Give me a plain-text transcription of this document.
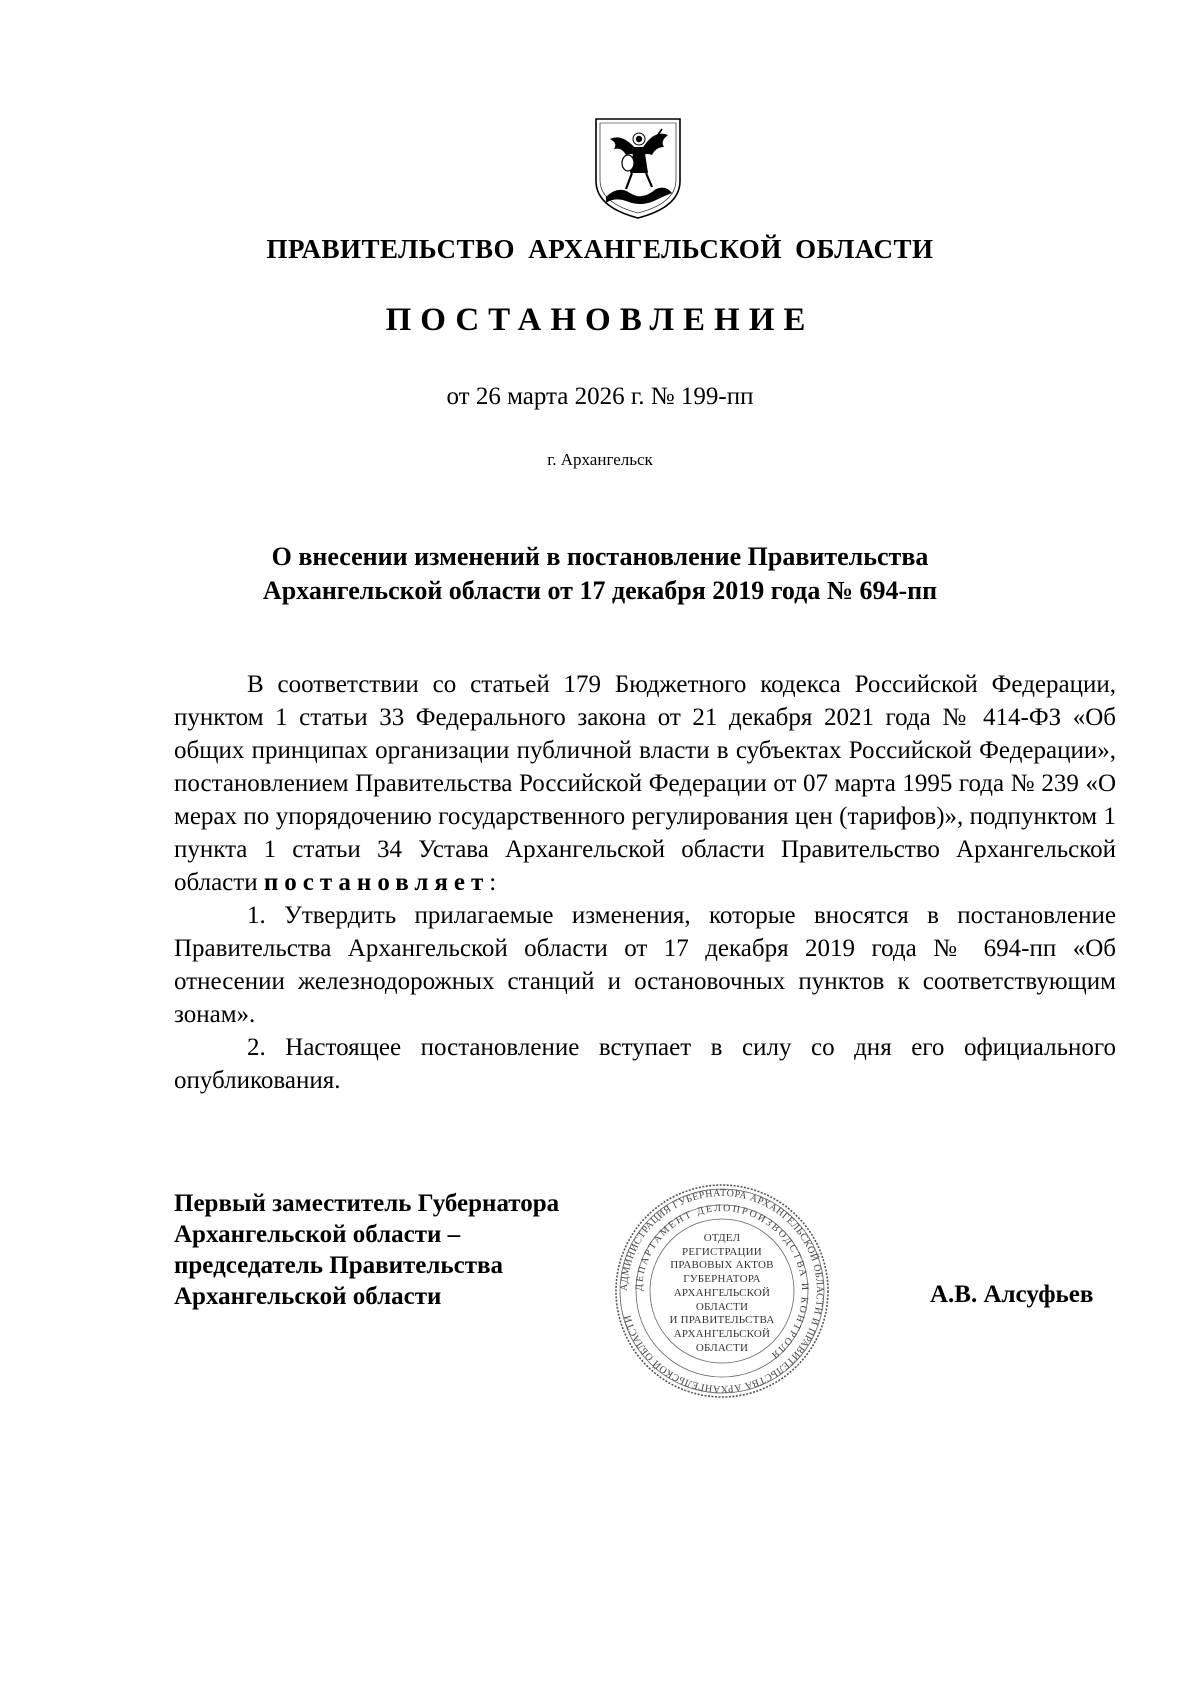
ПРАВИТЕЛЬСТВО АРХАНГЕЛЬСКОЙ ОБЛАСТИ
ПОСТАНОВЛЕНИЕ
от 26 марта 2026 г. № 199-пп
г. Архангельск
О внесении изменений в постановление Правительства
Архангельской области от 17 декабря 2019 года № 694-пп

В соответствии со статьей 179 Бюджетного кодекса Российской Федерации, пунктом 1 статьи 33 Федерального закона от 21 декабря 2021 года № 414-ФЗ «Об общих принципах организации публичной власти в субъектах Российской Федерации», постановлением Правительства Российской Федерации от 07 марта 1995 года № 239 «О мерах по упорядочению государственного регулирования цен (тарифов)», подпунктом 1 пункта 1 статьи 34 Устава Архангельской области Правительство Архангельской области постановляет:

1. Утвердить прилагаемые изменения, которые вносятся в постановление Правительства Архангельской области от 17 декабря 2019 года № 694-пп «Об отнесении железнодорожных станций и остановочных пунктов к соответствующим зонам».

2. Настоящее постановление вступает в силу со дня его официального опубликования.

Первый заместитель Губернатора
Архангельской области –
председатель Правительства
Архангельской области	АДМИНИСТРАЦИЯ ГУБЕРНАТОРА АРХАНГЕЛЬСКОЙ ОБЛАСТИ И ПРАВИТЕЛЬСТВА АРХАНГЕЛЬСКОЙ ОБЛАСТИ
ДЕПАРТАМЕНТ ДЕЛОПРОИЗВОДСТВА И КОНТРОЛЯ
ОТДЕЛ
РЕГИСТРАЦИИ
ПРАВОВЫХ АКТОВ
ГУБЕРНАТОРА
АРХАНГЕЛЬСКОЙ
ОБЛАСТИ
И ПРАВИТЕЛЬСТВА
АРХАНГЕЛЬСКОЙ
ОБЛАСТИ
А.В. Алсуфьев
